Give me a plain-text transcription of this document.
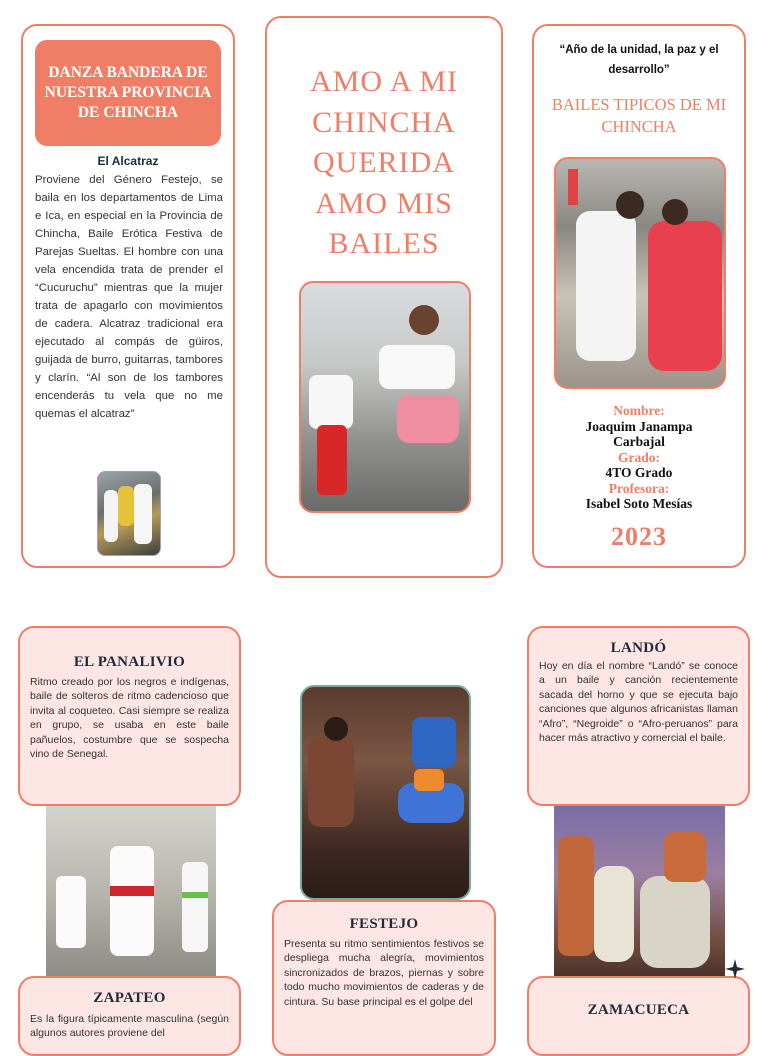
DANZA BANDERA DE NUESTRA PROVINCIA DE CHINCHA
El Alcatraz
Proviene del Género Festejo, se baila en los departamentos de Lima e Ica, en especial en la Provincia de Chincha, Baile Erótica Festiva de Parejas Sueltas. El hombre con una vela encendida trata de prender el “Cucuruchu” mientras que la mujer trata de apagarlo con movimientos de cadera. Alcatraz tradicional era ejecutado al compás de güiros, guijada de burro, guitarras, tambores y clarín. “Al son de los tambores encenderás tu vela que no me quemas el alcatraz”
AMO A MI
CHINCHA
QUERIDA
AMO MIS
BAILES
“Año de la unidad, la paz y el desarrollo”
BAILES TIPICOS DE MI CHINCHA
Nombre:
Joaquim Janampa Carbajal
Grado:
4TO Grado
Profesora:
Isabel Soto Mesías
2023
EL PANALIVIO
Ritmo creado por los negros e indígenas, baile de solteros de ritmo cadencioso que invita al coqueteo. Casi siempre se realiza en grupo, se usaba en este baile pañuelos, costumbre que se sospecha vino de Senegal.
ZAPATEO
Es la figura típicamente masculina (según algunos autores proviene del
FESTEJO
Presenta su ritmo sentimientos festivos se despliega mucha alegría, movimientos sincronizados de brazos, piernas y sobre todo mucho movimientos de caderas y de cintura. Su base principal es el golpe del
LANDÓ
Hoy en día el nombre “Landó” se conoce a un baile y canción recientemente sacada del horno y que se ejecuta bajo canciones que algunos africanistas llaman “Afro”, “Negroide” o “Afro-peruanos” para hacer más atractivo y comercial el baile.
ZAMACUECA
